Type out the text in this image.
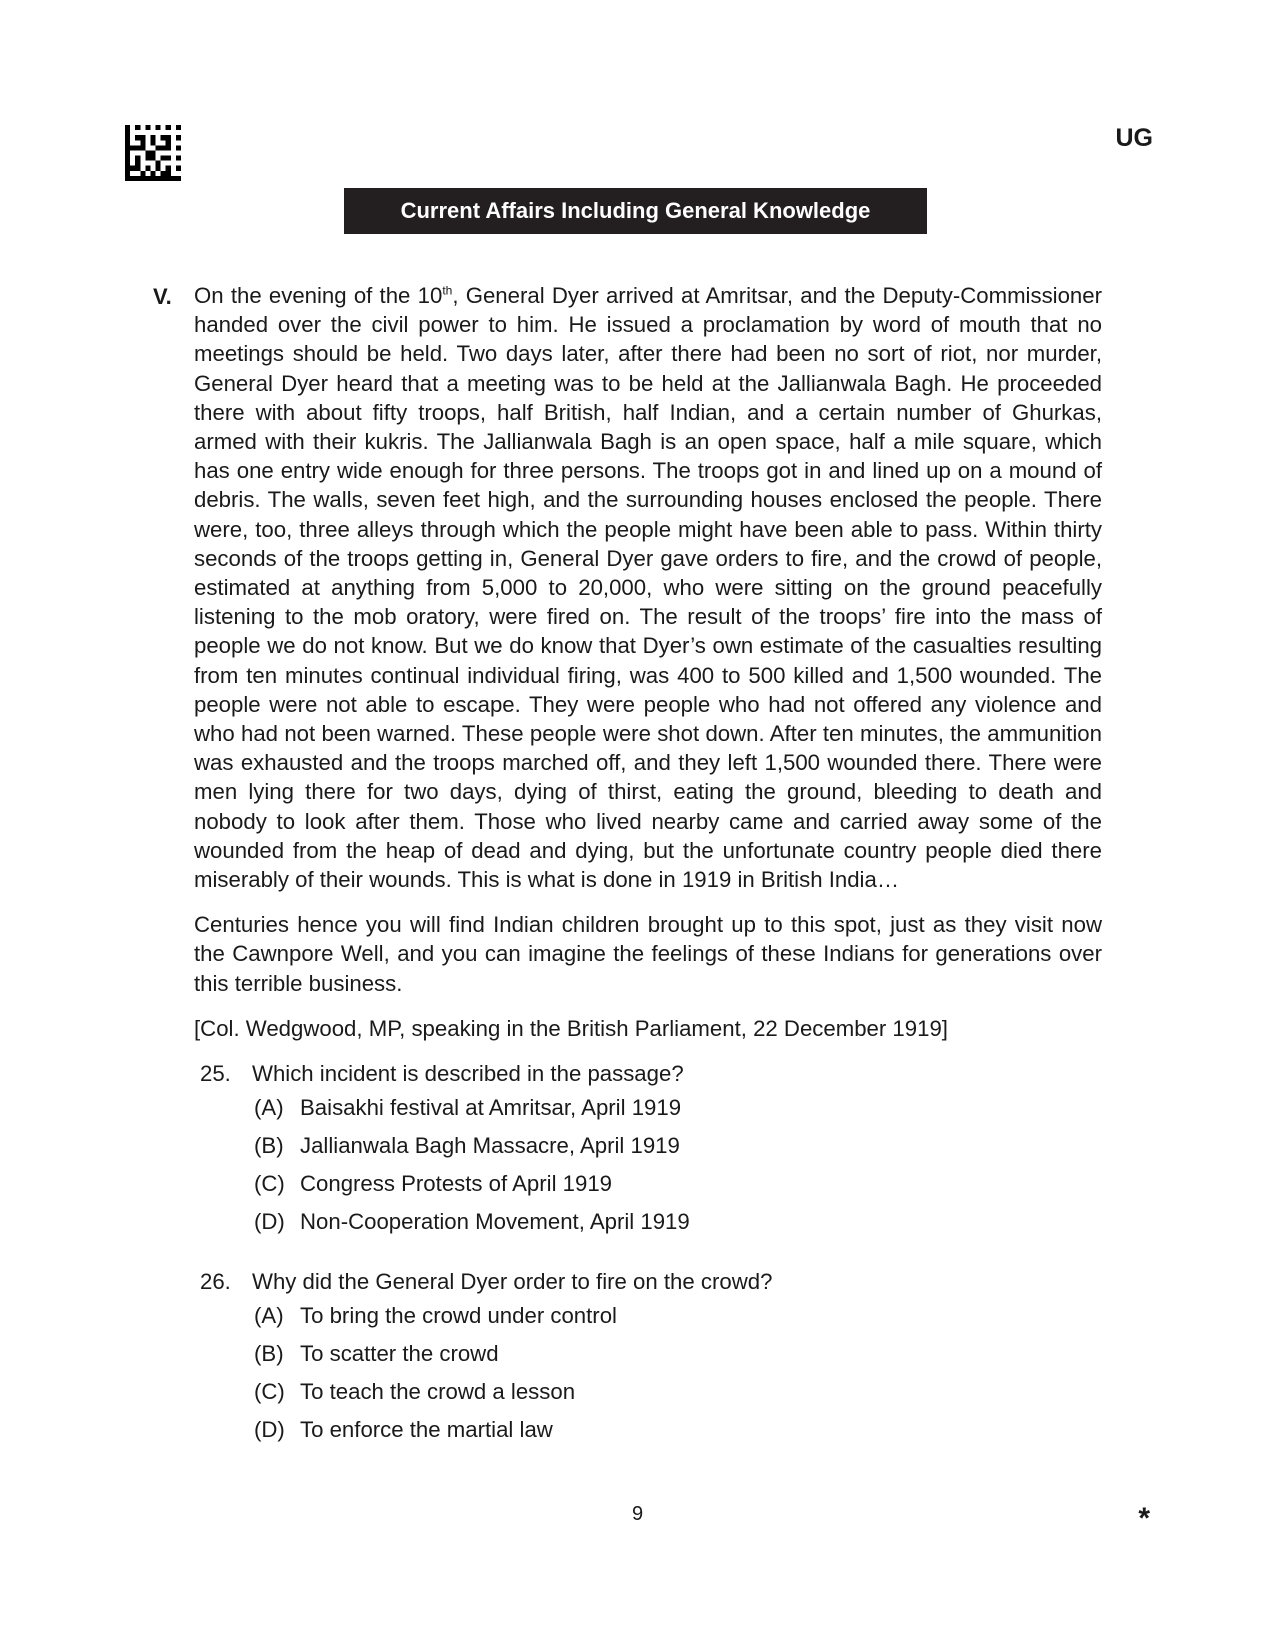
UG
Current Affairs Including General Knowledge
V. On the evening of the 10th, General Dyer arrived at Amritsar, and the Deputy-Commissioner handed over the civil power to him. He issued a proclamation by word of mouth that no meetings should be held. Two days later, after there had been no sort of riot, nor murder, General Dyer heard that a meeting was to be held at the Jallianwala Bagh. He proceeded there with about fifty troops, half British, half Indian, and a certain number of Ghurkas, armed with their kukris. The Jallianwala Bagh is an open space, half a mile square, which has one entry wide enough for three persons. The troops got in and lined up on a mound of debris. The walls, seven feet high, and the surrounding houses enclosed the people. There were, too, three alleys through which the people might have been able to pass. Within thirty seconds of the troops getting in, General Dyer gave orders to fire, and the crowd of people, estimated at anything from 5,000 to 20,000, who were sitting on the ground peacefully listening to the mob oratory, were fired on. The result of the troops’ fire into the mass of people we do not know. But we do know that Dyer’s own estimate of the casualties resulting from ten minutes continual individual firing, was 400 to 500 killed and 1,500 wounded. The people were not able to escape. They were people who had not offered any violence and who had not been warned. These people were shot down. After ten minutes, the ammunition was exhausted and the troops marched off, and they left 1,500 wounded there. There were men lying there for two days, dying of thirst, eating the ground, bleeding to death and nobody to look after them. Those who lived nearby came and carried away some of the wounded from the heap of dead and dying, but the unfortunate country people died there miserably of their wounds. This is what is done in 1919 in British India…

Centuries hence you will find Indian children brought up to this spot, just as they visit now the Cawnpore Well, and you can imagine the feelings of these Indians for generations over this terrible business.

[Col. Wedgwood, MP, speaking in the British Parliament, 22 December 1919]

25. Which incident is described in the passage?
(A) Baisakhi festival at Amritsar, April 1919
(B) Jallianwala Bagh Massacre, April 1919
(C) Congress Protests of April 1919
(D) Non-Cooperation Movement, April 1919
26. Why did the General Dyer order to fire on the crowd?
(A) To bring the crowd under control
(B) To scatter the crowd
(C) To teach the crowd a lesson
(D) To enforce the martial law
9	*
